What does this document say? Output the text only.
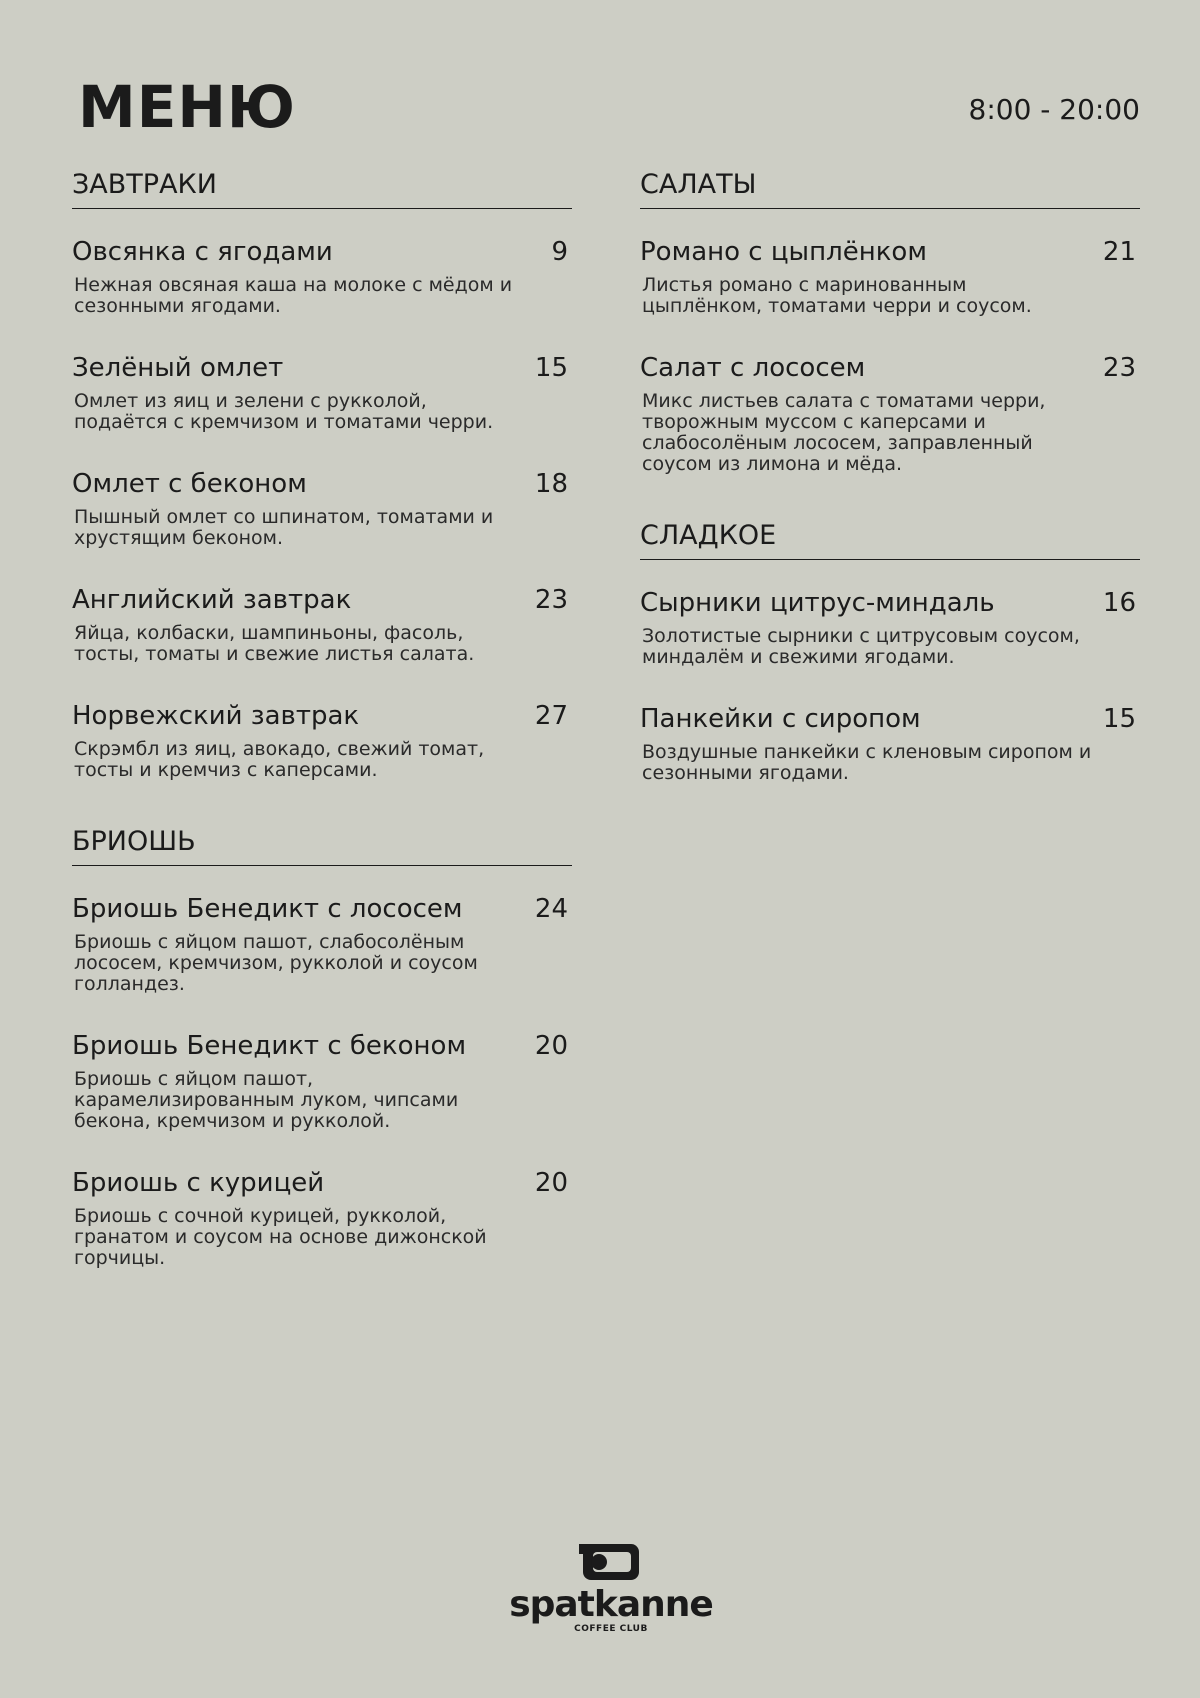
МЕНЮ	8:00 - 20:00
ЗАВТРАКИ
Овсянка с ягодами	9
Нежная овсяная каша на молоке с мёдом и сезонными ягодами.
Зелёный омлет	15
Омлет из яиц и зелени с рукколой, подаётся с кремчизом и томатами черри.
Омлет с беконом	18
Пышный омлет со шпинатом, томатами и хрустящим беконом.
Английский завтрак	23
Яйца, колбаски, шампиньоны, фасоль, тосты, томаты и свежие листья салата.
Норвежский завтрак	27
Скрэмбл из яиц, авокадо, свежий томат, тосты и кремчиз с каперсами.
БРИОШЬ
Бриошь Бенедикт с лососем	24
Бриошь с яйцом пашот, слабосолёным лососем, кремчизом, рукколой и соусом голландез.
Бриошь Бенедикт с беконом	20
Бриошь с яйцом пашот, карамелизированным луком, чипсами бекона, кремчизом и рукколой.
Бриошь с курицей	20
Бриошь с сочной курицей, рукколой, гранатом и соусом на основе дижонской горчицы.
САЛАТЫ
Романо с цыплёнком	21
Листья романо с маринованным цыплёнком, томатами черри и соусом.
Салат с лососем	23
Микс листьев салата с томатами черри, творожным муссом с каперсами и слабосолёным лососем, заправленный соусом из лимона и мёда.
СЛАДКОЕ
Сырники цитрус-миндаль	16
Золотистые сырники с цитрусовым соусом, миндалём и свежими ягодами.
Панкейки с сиропом	15
Воздушные панкейки с кленовым сиропом и сезонными ягодами.
spatkanne
COFFEE CLUB
